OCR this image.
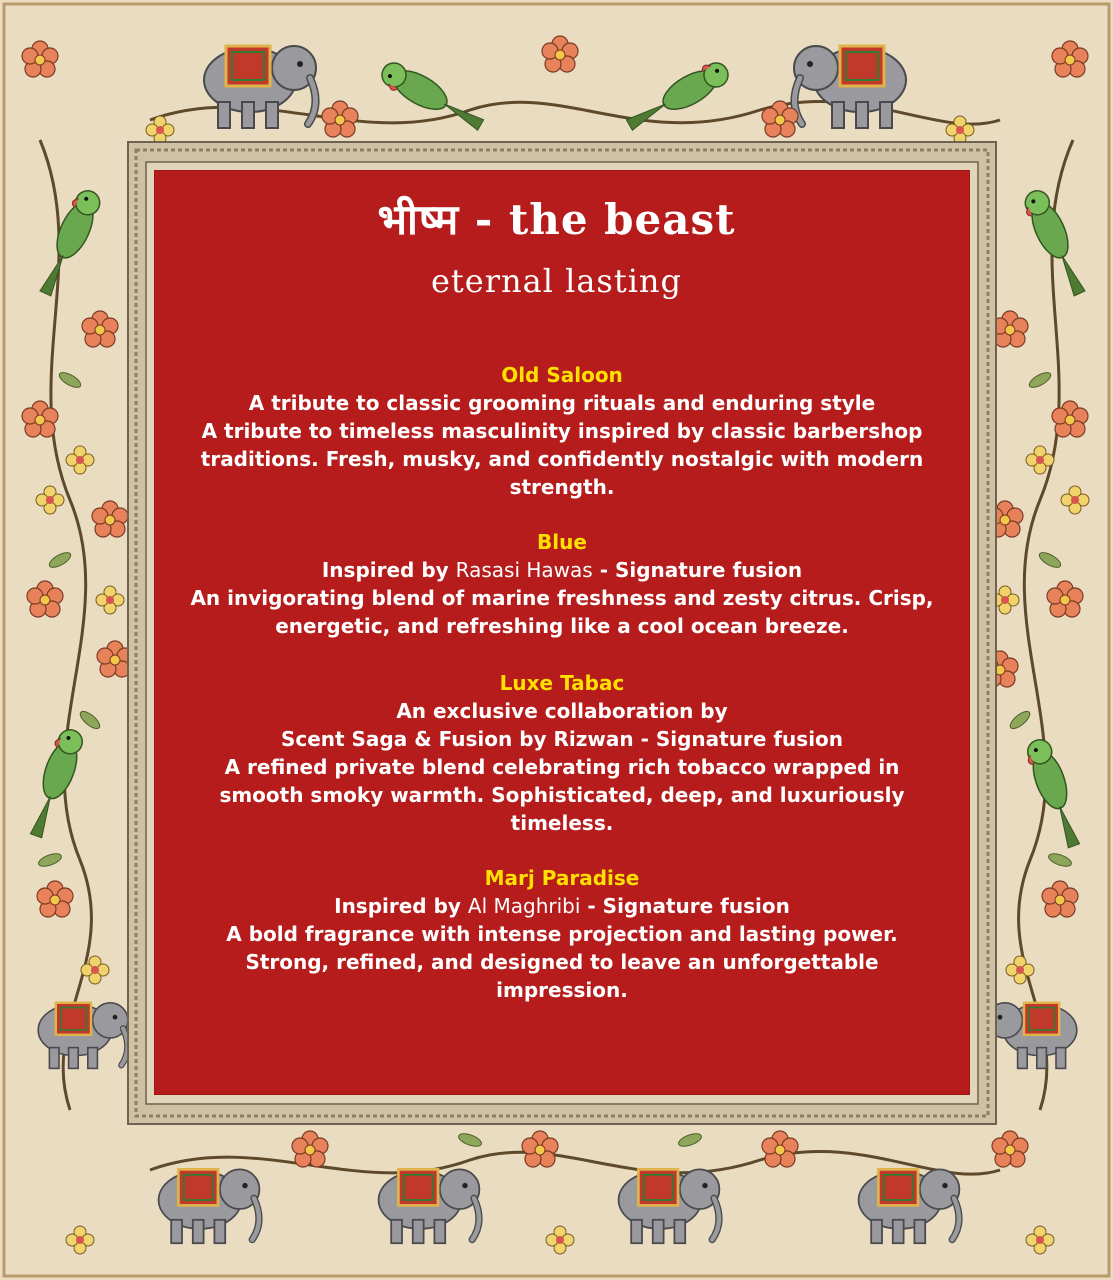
भीष्म - the beast
eternal lasting
Old Saloon
A tribute to classic grooming rituals and enduring style
A tribute to timeless masculinity inspired by classic barbershop traditions. Fresh, musky, and confidently nostalgic with modern strength.
Blue
Inspired by Rasasi Hawas - Signature fusion
An invigorating blend of marine freshness and zesty citrus. Crisp, energetic, and refreshing like a cool ocean breeze.
Luxe Tabac
An exclusive collaboration by
Scent Saga & Fusion by Rizwan - Signature fusion
A refined private blend celebrating rich tobacco wrapped in smooth smoky warmth. Sophisticated, deep, and luxuriously timeless.
Marj Paradise
Inspired by Al Maghribi - Signature fusion
A bold fragrance with intense projection and lasting power. Strong, refined, and designed to leave an unforgettable impression.
